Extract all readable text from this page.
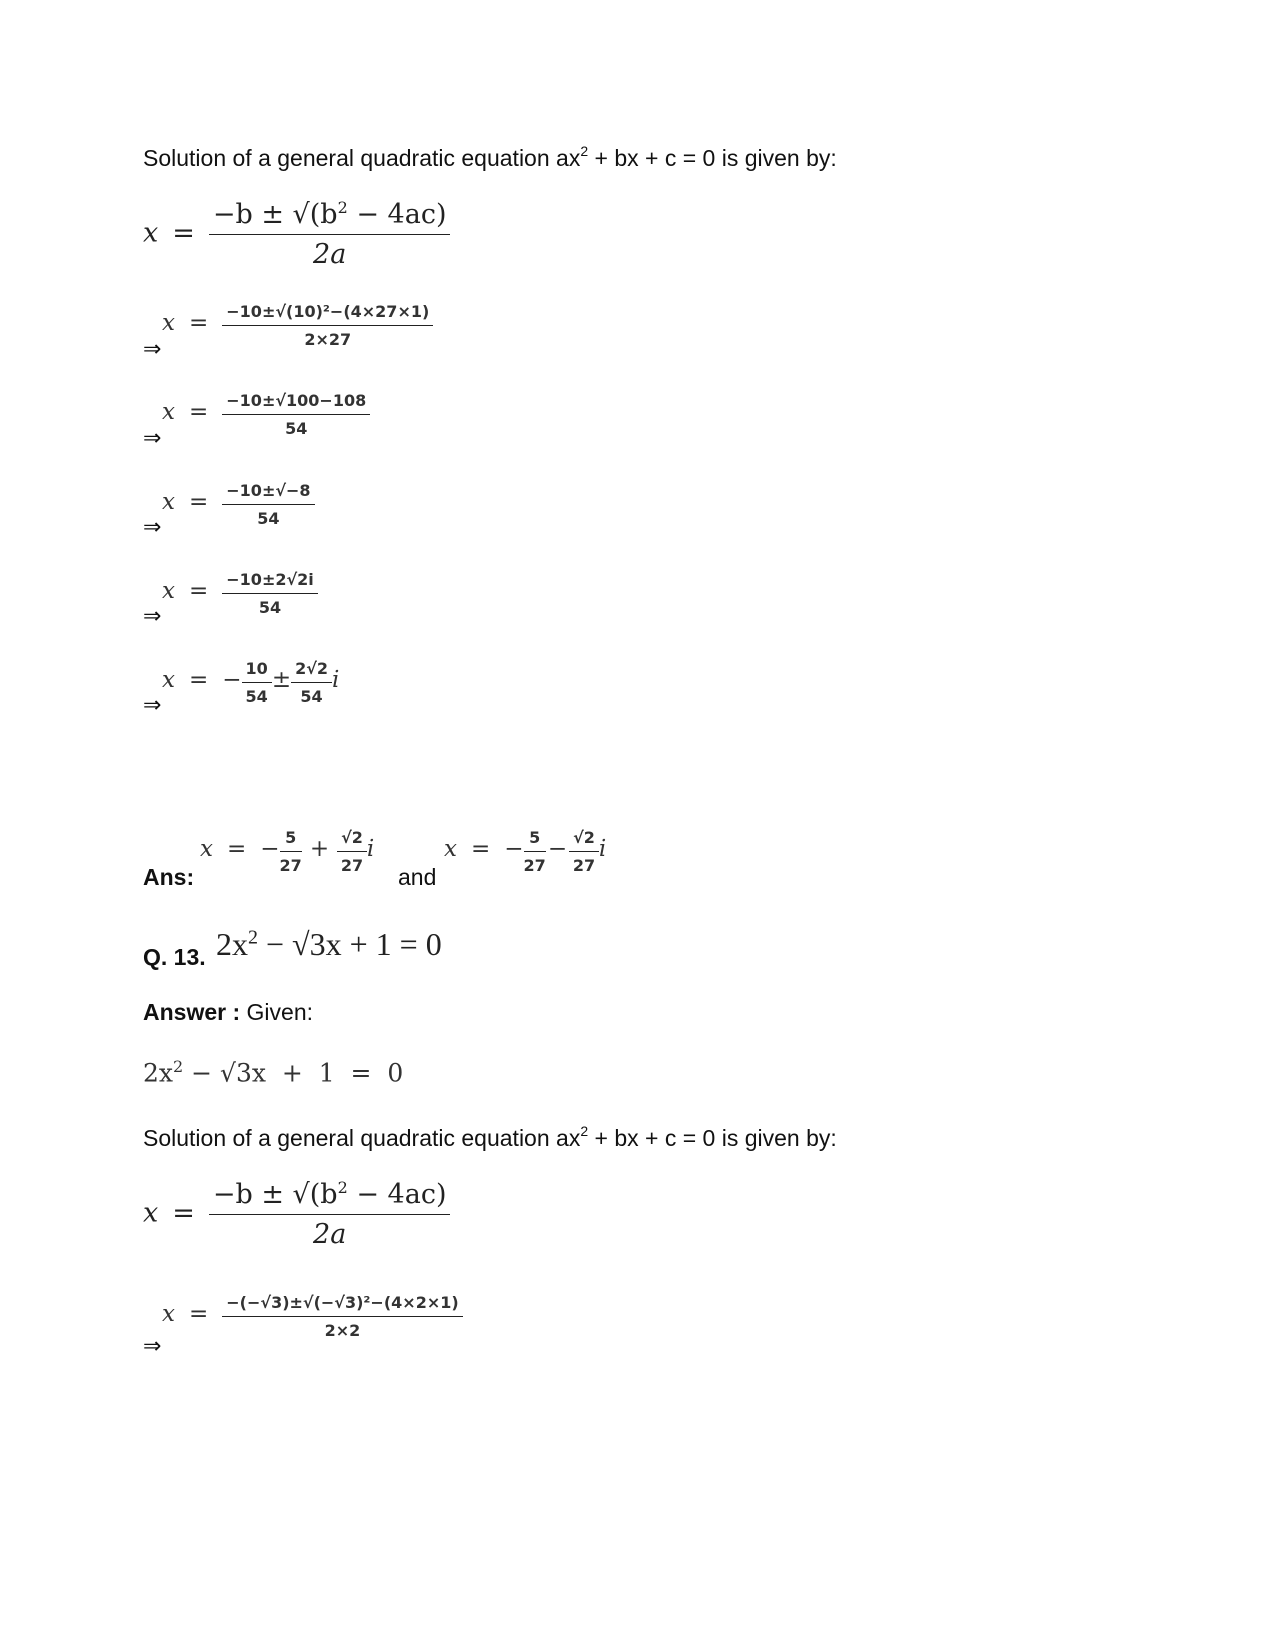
Solution of a general quadratic equation $ax^2$ + bx + c = 0 is given by:
$x = \frac{-b \pm √(b^2 - 4ac)}{2a}$
⇒
$x = \frac{\text{−10±√(10)²−(4×27×1)}}{2\times 27}$
⇒
$x = \frac{-10\pm√100-108}{54}$
⇒
$x = \frac{-10\pm√-8}{54}$
⇒
$x = \frac{-10\pm 2√2i}{54}$
⇒
x = − $\frac{10}{54} \pm \frac{2√2}{54}$ i
Ans:
x = − $\frac{5}{27} + \frac{√2}{27}$ i
and
x = − $\frac{5}{27} - \frac{√2}{27}$ i
Q. 13. $2x^2 - √3x + 1 = 0$
Answer : Given:
$2x^2 - √3x + 1 = 0$
Solution of a general quadratic equation $ax^2$ + bx + c = 0 is given by:
$x = \frac{-b \pm √(b^2 - 4ac)}{2a}$
⇒
$x = \frac{\text{−(−√3)±√(−√3)²−(4×2×1)}}{2\times 2}$
